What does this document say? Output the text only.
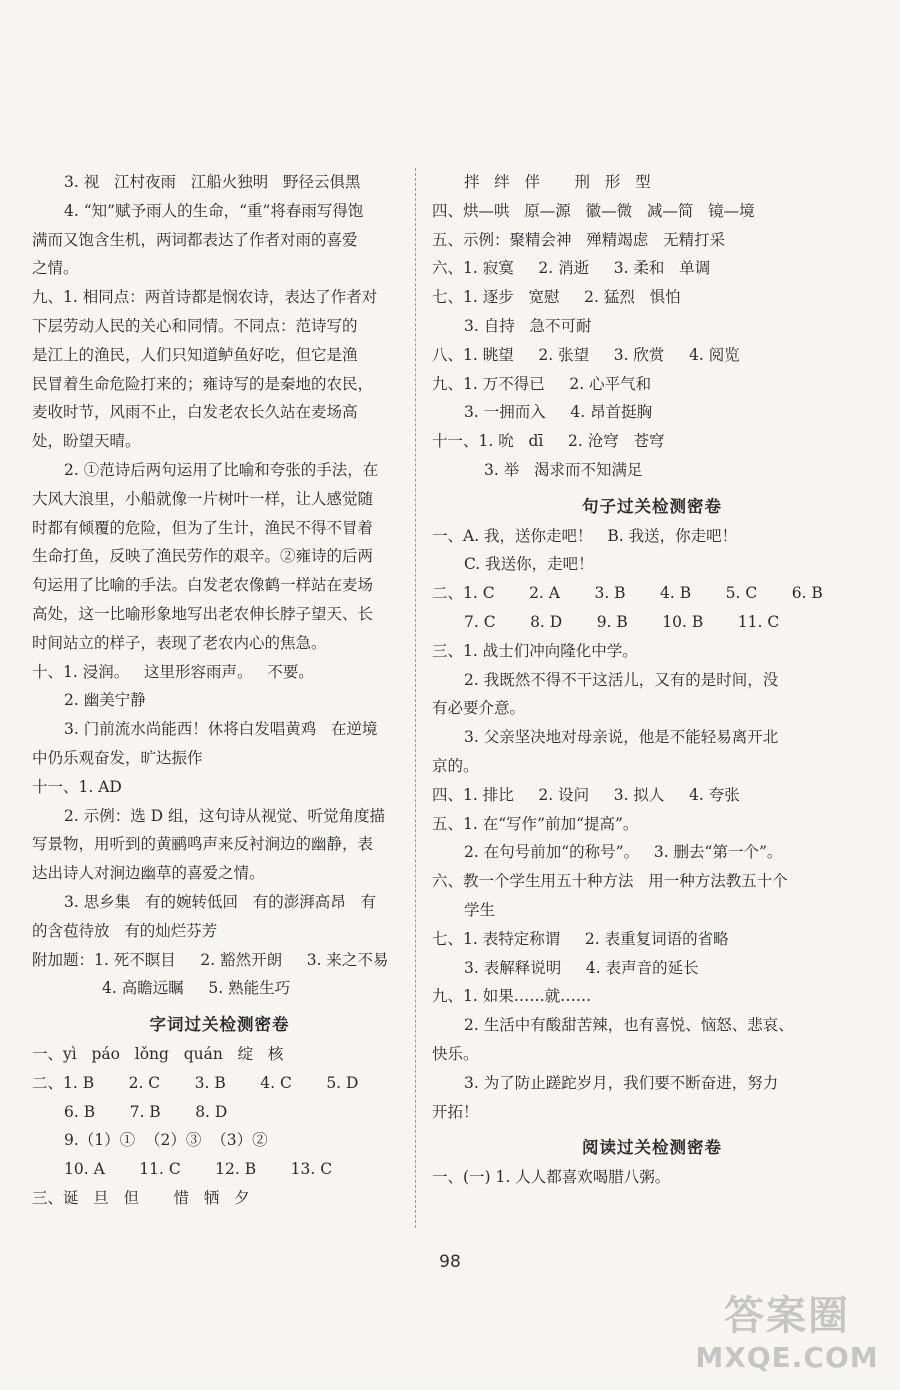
3. 视   江村夜雨   江船火独明   野径云俱黑
4. “知”赋予雨人的生命，“重”将春雨写得饱
满而又饱含生机，两词都表达了作者对雨的喜爱
之情。
九、1. 相同点：两首诗都是悯农诗，表达了作者对
下层劳动人民的关心和同情。不同点：范诗写的
是江上的渔民，人们只知道鲈鱼好吃，但它是渔
民冒着生命危险打来的；雍诗写的是秦地的农民，
麦收时节，风雨不止，白发老农长久站在麦场高
处，盼望天晴。
2. ①范诗后两句运用了比喻和夸张的手法，在
大风大浪里，小船就像一片树叶一样，让人感觉随
时都有倾覆的危险，但为了生计，渔民不得不冒着
生命打鱼，反映了渔民劳作的艰辛。②雍诗的后两
句运用了比喻的手法。白发老农像鹤一样站在麦场
高处，这一比喻形象地写出老农伸长脖子望天、长
时间站立的样子，表现了老农内心的焦急。
十、1. 浸润。   这里形容雨声。   不要。
2. 幽美宁静
3. 门前流水尚能西！休将白发唱黄鸡   在逆境
中仍乐观奋发，旷达振作
十一、1. AD
2. 示例：选 D 组，这句诗从视觉、听觉角度描
写景物，用听到的黄鹂鸣声来反衬涧边的幽静，表
达出诗人对涧边幽草的喜爱之情。
3. 思乡集   有的婉转低回   有的澎湃高昂   有
的含苞待放   有的灿烂芬芳
附加题：1. 死不瞑目     2. 豁然开朗     3. 来之不易
4. 高瞻远瞩     5. 熟能生巧
字词过关检测密卷
一、yì   páo   lǒng   quán   绽   核
二、1. B       2. C       3. B       4. C       5. D
6. B       7. B       8. D
9.（1）①  （2）③  （3）②
10. A       11. C       12. B       13. C
三、诞   旦   但       惜   牺   夕
拌   绊   伴       刑   形   型
四、烘—哄   原—源   徽—微   减—简   镜—境
五、示例：聚精会神   殚精竭虑   无精打采
六、1. 寂寞     2. 消逝     3. 柔和   单调
七、1. 逐步   宽慰     2. 猛烈   惧怕
3. 自持   急不可耐
八、1. 眺望     2. 张望     3. 欣赏     4. 阅览
九、1. 万不得已     2. 心平气和
3. 一拥而入     4. 昂首挺胸
十一、1. 吮   dī     2. 沧穹   苍穹
3. 举   渴求而不知满足
句子过关检测密卷
一、A. 我，送你走吧！   B. 我送，你走吧！
C. 我送你，走吧！
二、1. C       2. A       3. B       4. B       5. C       6. B
7. C       8. D       9. B       10. B       11. C
三、1. 战士们冲向隆化中学。
2. 我既然不得不干这活儿，又有的是时间，没
有必要介意。
3. 父亲坚决地对母亲说，他是不能轻易离开北
京的。
四、1. 排比     2. 设问     3. 拟人     4. 夸张
五、1. 在“写作”前加“提高”。
2. 在句号前加“的称号”。   3. 删去“第一个”。
六、教一个学生用五十种方法   用一种方法教五十个
学生
七、1. 表特定称谓     2. 表重复词语的省略
3. 表解释说明     4. 表声音的延长
九、1. 如果……就……
2. 生活中有酸甜苦辣，也有喜悦、恼怒、悲哀、
快乐。
3. 为了防止蹉跎岁月，我们要不断奋进，努力
开拓！
阅读过关检测密卷
一、(一) 1. 人人都喜欢喝腊八粥。
98
答案圈
MXQE.COM
